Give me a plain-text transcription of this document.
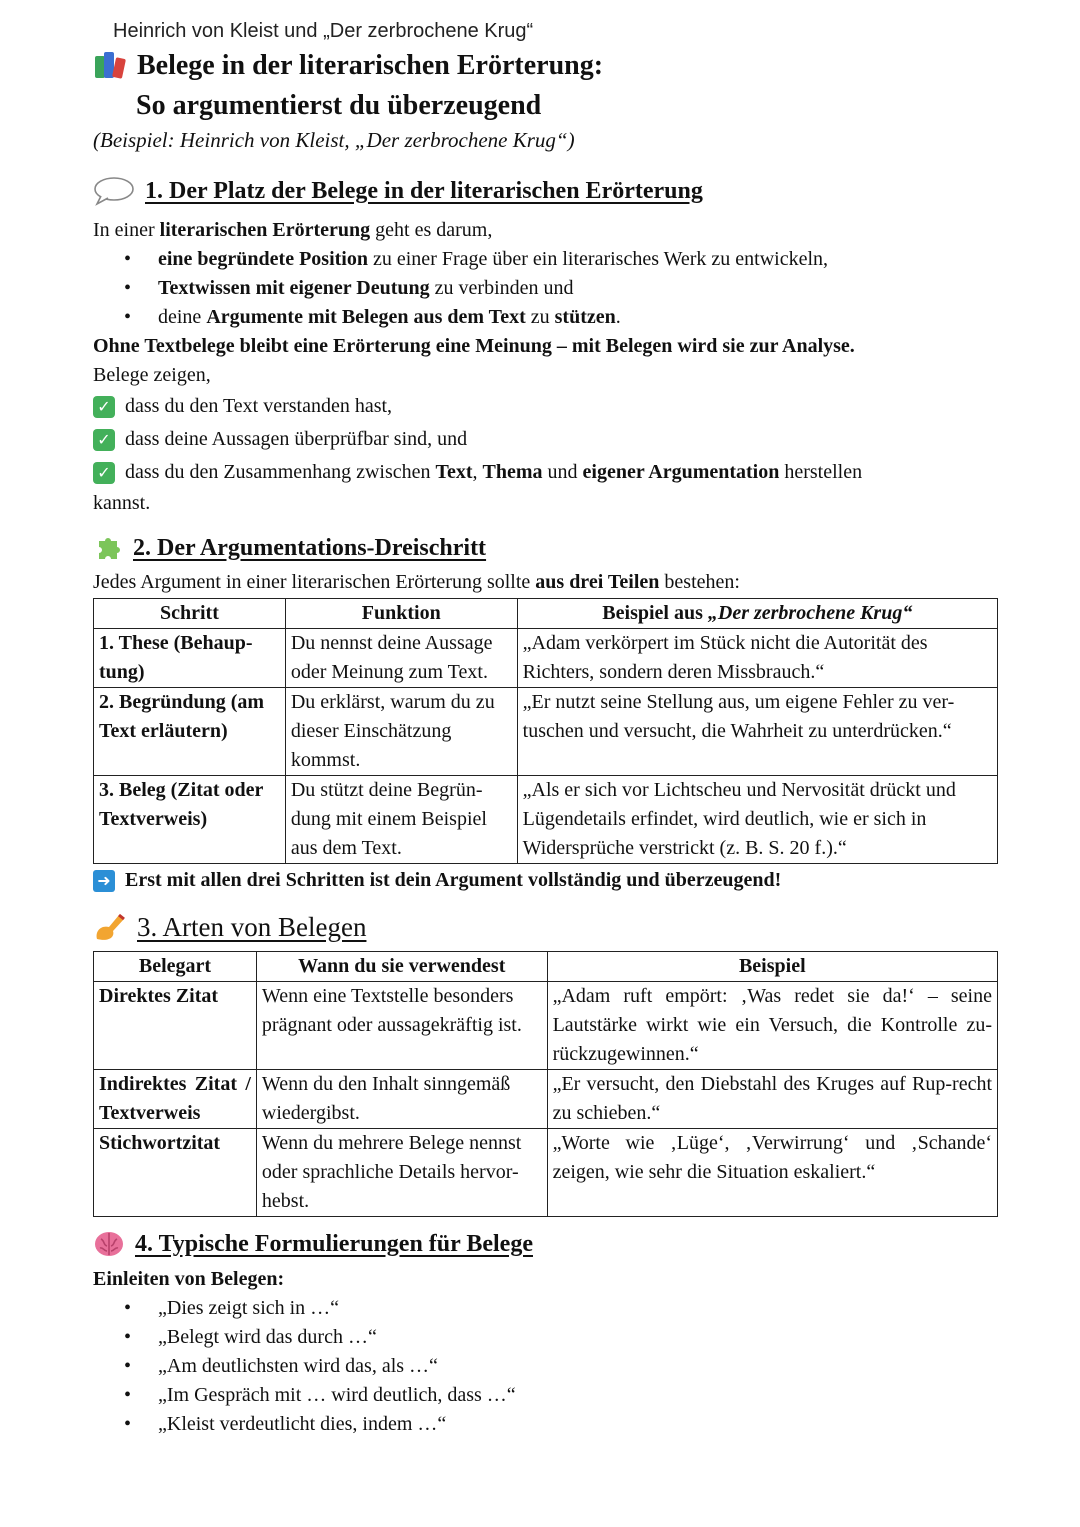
Heinrich von Kleist und „Der zerbrochene Krug“
Belege in der literarischen Erörterung:
So argumentierst du überzeugend
(Beispiel: Heinrich von Kleist, „Der zerbrochene Krug“)
1. Der Platz der Belege in der literarischen Erörterung
In einer literarischen Erörterung geht es darum,
• eine begründete Position zu einer Frage über ein literarisches Werk zu entwickeln,
• Textwissen mit eigener Deutung zu verbinden und
• deine Argumente mit Belegen aus dem Text zu stützen.
Ohne Textbelege bleibt eine Erörterung eine Meinung – mit Belegen wird sie zur Analyse.
Belege zeigen,
✓ dass du den Text verstanden hast,
✓ dass deine Aussagen überprüfbar sind, und
✓ dass du den Zusammenhang zwischen Text, Thema und eigener Argumentation herstellen
kannst.
2. Der Argumentations-Dreischritt
Jedes Argument in einer literarischen Erörterung sollte aus drei Teilen bestehen:
Schritt	Funktion	Beispiel aus „Der zerbrochene Krug“
1. These (Behaup-tung)	Du nennst deine Aussage oder Meinung zum Text.	„Adam verkörpert im Stück nicht die Autorität des Richters, sondern deren Missbrauch.“
2. Begründung (am Text erläutern)	Du erklärst, warum du zu dieser Einschätzung kommst.	„Er nutzt seine Stellung aus, um eigene Fehler zu ver-tuschen und versucht, die Wahrheit zu unterdrücken.“
3. Beleg (Zitat oder Textverweis)	Du stützt deine Begrün-dung mit einem Beispiel aus dem Text.	„Als er sich vor Lichtscheu und Nervosität drückt und Lügendetails erfindet, wird deutlich, wie er sich in Widersprüche verstrickt (z. B. S. 20 f.).“
➜ Erst mit allen drei Schritten ist dein Argument vollständig und überzeugend!
3. Arten von Belegen
Belegart	Wann du sie verwendest	Beispiel
Direktes Zitat	Wenn eine Textstelle besonders prägnant oder aussagekräftig ist.	„Adam ruft empört: ‚Was redet sie da!‘ – seine Lautstärke wirkt wie ein Versuch, die Kontrolle zu-rückzugewinnen.“
Indirektes Zitat / Textverweis	Wenn du den Inhalt sinngemäß wiedergibst.	„Er versucht, den Diebstahl des Kruges auf Rup-recht zu schieben.“
Stichwortzitat	Wenn du mehrere Belege nennst oder sprachliche Details hervor-hebst.	„Worte wie ‚Lüge‘, ‚Verwirrung‘ und ‚Schande‘ zeigen, wie sehr die Situation eskaliert.“
4. Typische Formulierungen für Belege
Einleiten von Belegen:
• „Dies zeigt sich in …“
• „Belegt wird das durch …“
• „Am deutlichsten wird das, als …“
• „Im Gespräch mit … wird deutlich, dass …“
• „Kleist verdeutlicht dies, indem …“
